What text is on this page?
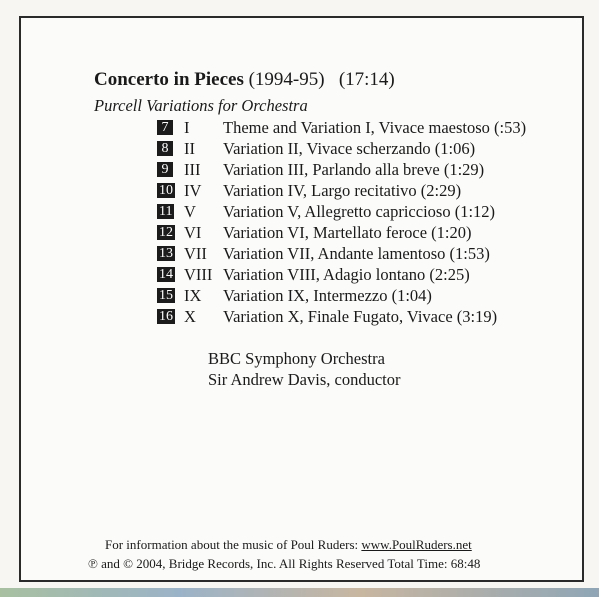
Concerto in Pieces (1994-95) (17:14)
Purcell Variations for Orchestra
7 I Theme and Variation I, Vivace maestoso (:53)
8 II Variation II, Vivace scherzando (1:06)
9 III Variation III, Parlando alla breve (1:29)
10 IV Variation IV, Largo recitativo (2:29)
11 V Variation V, Allegretto capriccioso (1:12)
12 VI Variation VI, Martellato feroce (1:20)
13 VII Variation VII, Andante lamentoso (1:53)
14 VIII Variation VIII, Adagio lontano (2:25)
15 IX Variation IX, Intermezzo (1:04)
16 X Variation X, Finale Fugato, Vivace (3:19)
BBC Symphony Orchestra
Sir Andrew Davis, conductor
For information about the music of Poul Ruders: www.PoulRuders.net
℗ and © 2004, Bridge Records, Inc. All Rights Reserved Total Time: 68:48
